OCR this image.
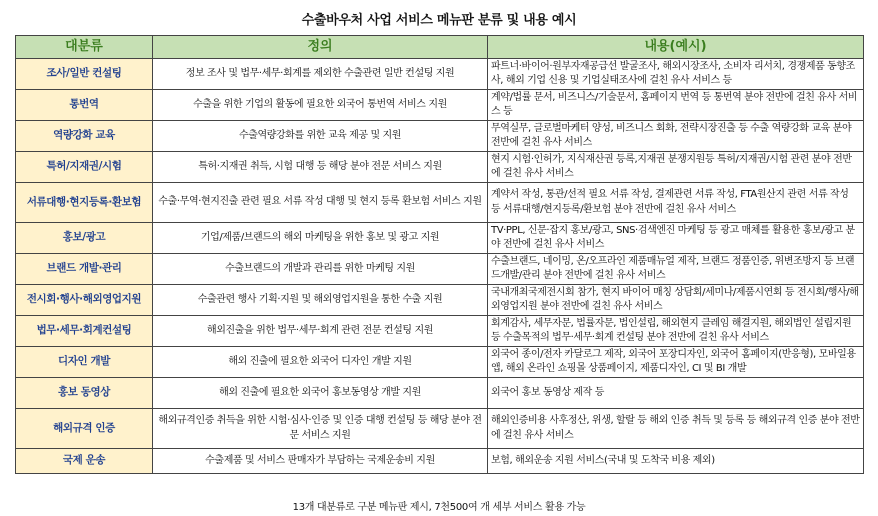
수출바우처 사업 서비스 메뉴판 분류 및 내용 예시
대분류	정의	내용(예시)
조사/일반 컨설팅	정보 조사 및 법무·세무·회계를 제외한 수출관련 일반 컨설팅 지원	파트너·바이어·원부자재공급선 발굴조사, 해외시장조사, 소비자 리서치, 경쟁제품 동향조사, 해외 기업 신용 및 기업실태조사에 걸친 유사 서비스 등
통번역	수출을 위한 기업의 활동에 필요한 외국어 통번역 서비스 지원	계약/법률 문서, 비즈니스/기술문서, 홈페이지 번역 등 통번역 분야 전반에 걸친 유사 서비스 등
역량강화 교육	수출역량강화를 위한 교육 제공 및 지원	무역실무, 글로벌마케터 양성, 비즈니스 회화, 전략시장진출 등 수출 역량강화 교육 분야 전반에 걸친 유사 서비스
특허/지재권/시험	특허·지재권 취득, 시험 대행 등 해당 분야 전문 서비스 지원	현지 시험·인허가, 지식재산권 등록,지재권 분쟁지원등 특허/지재권/시험 관련 분야 전반에 걸친 유사 서비스
서류대행·현지등록·환보험	수출·무역·현지진출 관련 필요 서류 작성 대행 및 현지 등록 환보험 서비스 지원	계약서 작성, 통관/선적 필요 서류 작성, 결제관련 서류 작성, FTA원산지 관련 서류 작성 등 서류대행/현지등록/환보험 분야 전반에 걸친 유사 서비스
홍보/광고	기업/제품/브랜드의 해외 마케팅을 위한 홍보 및 광고 지원	TV·PPL, 신문·잡지 홍보/광고, SNS·검색엔진 마케팅 등 광고 매체를 활용한 홍보/광고 분야 전반에 걸친 유사 서비스
브랜드 개발·관리	수출브랜드의 개발과 관리를 위한 마케팅 지원	수출브랜드, 네이밍, 온/오프라인 제품매뉴얼 제작, 브랜드 정품인증, 위변조방지 등 브랜드개발/관리 분야 전반에 걸친 유사 서비스
전시회·행사·해외영업지원	수출관련 행사 기획·지원 및 해외영업지원을 통한 수출 지원	국내개최국제전시회 참가, 현지 바이어 매칭 상담회/세미나/제품시연회 등 전시회/행사/해외영업지원 분야 전반에 걸친 유사 서비스
법무·세무·회계컨설팅	해외진출을 위한 법무·세무·회계 관련 전문 컨설팅 지원	회계감사, 세무자문, 법률자문, 법인설립, 해외현지 클레임 해결지원, 해외법인 설립지원 등 수출목적의 법무·세무·회계 컨설팅 분야 전반에 걸친 유사 서비스
디자인 개발	해외 진출에 필요한 외국어 디자인 개발 지원	외국어 종이/전자 카달로그 제작, 외국어 포장디자인, 외국어 홈페이지(반응형), 모바일용 앱, 해외 온라인 쇼핑몰 상품페이지, 제품디자인, CI 및 BI 개발
홍보 동영상	해외 진출에 필요한 외국어 홍보동영상 개발 지원	외국어 홍보 동영상 제작 등
해외규격 인증	해외규격인증 취득을 위한 시험·심사·인증 및 인증 대행 컨설팅 등 해당 분야 전문 서비스 지원	해외인증비용 사후정산, 위생, 할랄 등 해외 인증 취득 및 등록 등 해외규격 인증 분야 전반에 걸친 유사 서비스
국제 운송	수출제품 및 서비스 판매자가 부담하는 국제운송비 지원	보험, 해외운송 지원 서비스(국내 및 도착국 비용 제외)
13개 대분류로 구분 메뉴판 제시, 7천500여 개 세부 서비스 활용 가능
